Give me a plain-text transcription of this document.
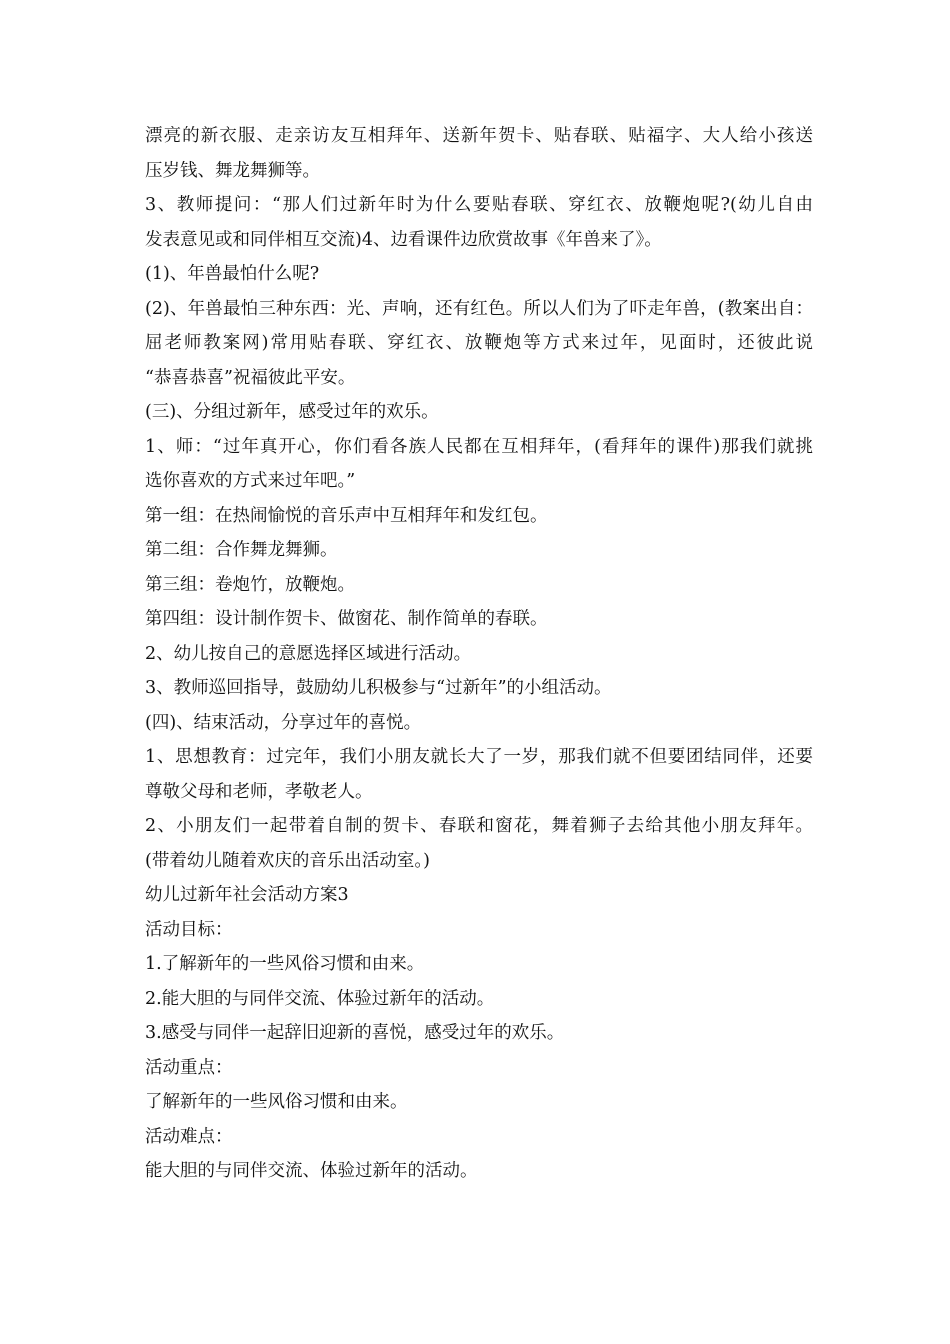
漂亮的新衣服、走亲访友互相拜年、送新年贺卡、贴春联、贴福字、大人给小孩送
压岁钱、舞龙舞狮等。
3、教师提问：“那人们过新年时为什么要贴春联、穿红衣、放鞭炮呢?(幼儿自由
发表意见或和同伴相互交流)4、边看课件边欣赏故事《年兽来了》。
(1)、年兽最怕什么呢?
(2)、年兽最怕三种东西：光、声响，还有红色。所以人们为了吓走年兽，(教案出自：
屈老师教案网)常用贴春联、穿红衣、放鞭炮等方式来过年，见面时，还彼此说
“恭喜恭喜”祝福彼此平安。
(三)、分组过新年，感受过年的欢乐。
1、师：“过年真开心，你们看各族人民都在互相拜年，(看拜年的课件)那我们就挑
选你喜欢的方式来过年吧。”
第一组：在热闹愉悦的音乐声中互相拜年和发红包。
第二组：合作舞龙舞狮。
第三组：卷炮竹，放鞭炮。
第四组：设计制作贺卡、做窗花、制作简单的春联。
2、幼儿按自己的意愿选择区域进行活动。
3、教师巡回指导，鼓励幼儿积极参与“过新年”的小组活动。
(四)、结束活动，分享过年的喜悦。
1、思想教育：过完年，我们小朋友就长大了一岁，那我们就不但要团结同伴，还要
尊敬父母和老师，孝敬老人。
2、小朋友们一起带着自制的贺卡、春联和窗花，舞着狮子去给其他小朋友拜年。
(带着幼儿随着欢庆的音乐出活动室。)
幼儿过新年社会活动方案3
活动目标：
1.了解新年的一些风俗习惯和由来。
2.能大胆的与同伴交流、体验过新年的活动。
3.感受与同伴一起辞旧迎新的喜悦，感受过年的欢乐。
活动重点：
了解新年的一些风俗习惯和由来。
活动难点：
能大胆的与同伴交流、体验过新年的活动。
